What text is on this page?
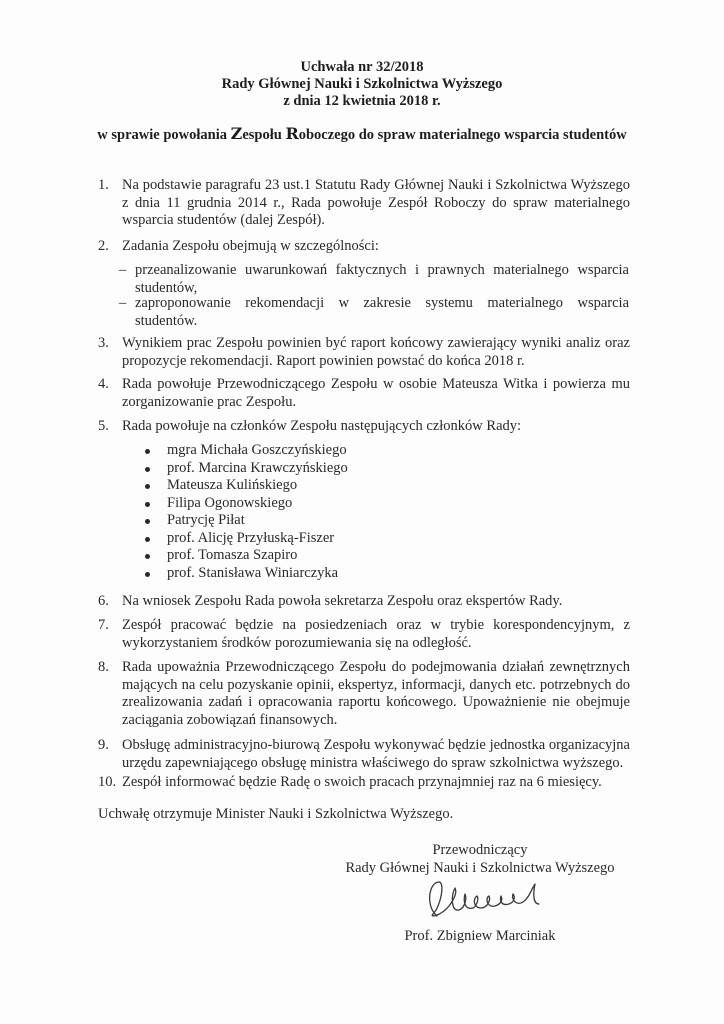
Uchwała nr 32/2018
Rady Głównej Nauki i Szkolnictwa Wyższego
z dnia 12 kwietnia 2018 r.
w sprawie powołania Zespołu Roboczego do spraw materialnego wsparcia studentów
1. Na podstawie paragrafu 23 ust.1 Statutu Rady Głównej Nauki i Szkolnictwa Wyższego z dnia 11 grudnia 2014 r., Rada powołuje Zespół Roboczy do spraw materialnego wsparcia studentów (dalej Zespół).
2. Zadania Zespołu obejmują w szczególności:
3. Wynikiem prac Zespołu powinien być raport końcowy zawierający wyniki analiz oraz propozycje rekomendacji. Raport powinien powstać do końca 2018 r.
4. Rada powołuje Przewodniczącego Zespołu w osobie Mateusza Witka i powierza mu zorganizowanie prac Zespołu.
5. Rada powołuje na członków Zespołu następujących członków Rady:
6. Na wniosek Zespołu Rada powoła sekretarza Zespołu oraz ekspertów Rady.
7. Zespół pracować będzie na posiedzeniach oraz w trybie korespondencyjnym, z wykorzystaniem środków porozumiewania się na odległość.
8. Rada upoważnia Przewodniczącego Zespołu do podejmowania działań zewnętrznych mających na celu pozyskanie opinii, ekspertyz, informacji, danych etc. potrzebnych do zrealizowania zadań i opracowania raportu końcowego. Upoważnienie nie obejmuje zaciągania zobowiązań finansowych.
9. Obsługę administracyjno-biurową Zespołu wykonywać będzie jednostka organizacyjna urzędu zapewniającego obsługę ministra właściwego do spraw szkolnictwa wyższego.
10. Zespół informować będzie Radę o swoich pracach przynajmniej raz na 6 miesięcy.
– przeanalizowanie uwarunkowań faktycznych i prawnych materialnego wsparcia studentów,
– zaproponowanie rekomendacji w zakresie systemu materialnego wsparcia studentów.
mgra Michała Goszczyńskiego
prof. Marcina Krawczyńskiego
Mateusza Kulińskiego
Filipa Ogonowskiego
Patrycję Piłat
prof. Alicję Przyłuską-Fiszer
prof. Tomasza Szapiro
prof. Stanisława Winiarczyka
Uchwałę otrzymuje Minister Nauki i Szkolnictwa Wyższego.
Przewodniczący
Rady Głównej Nauki i Szkolnictwa Wyższego
Prof. Zbigniew Marciniak
